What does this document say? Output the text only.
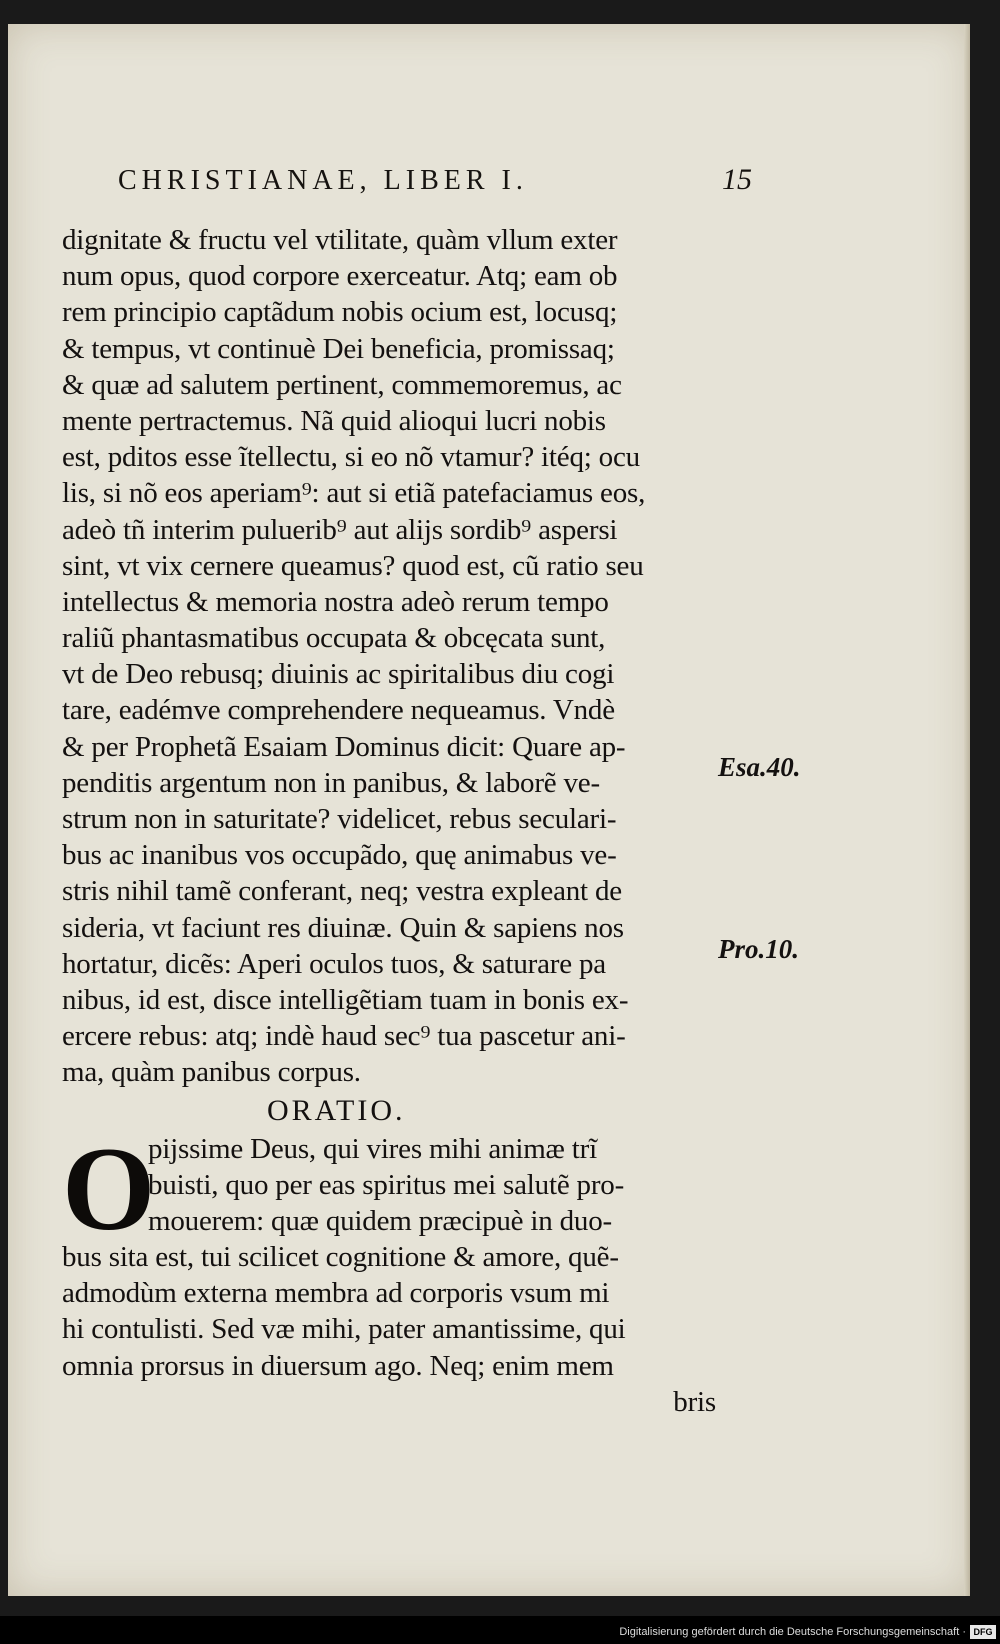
CHRISTIANAE, LIBER I.	15
dignitate & fructu vel vtilitate, quàm vllum exter
num opus, quod corpore exerceatur. Atq; eam ob
rem principio captãdum nobis ocium est, locusq;
& tempus, vt continuè Dei beneficia, promissaq;
& quæ ad salutem pertinent, commemoremus, ac
mente pertractemus. Nã quid alioqui lucri nobis
est, pditos esse ĩtellectu, si eo nõ vtamur? itéq; ocu
lis, si nõ eos aperiam⁹: aut si etiã patefaciamus eos,
adeò tñ interim puluerib⁹ aut alijs sordib⁹ aspersi
sint, vt vix cernere queamus? quod est, cũ ratio seu
intellectus & memoria nostra adeò rerum tempo
raliũ phantasmatibus occupata & obcęcata sunt,
vt de Deo rebusq; diuinis ac spiritalibus diu cogi
tare, eadémve comprehendere nequeamus. Vndè
& per Prophetã Esaiam Dominus dicit: Quare ap-
penditis argentum non in panibus, & laborẽ ve-
strum non in saturitate? videlicet, rebus seculari-
bus ac inanibus vos occupãdo, quę animabus ve-
stris nihil tamẽ conferant, neq; vestra expleant de
sideria, vt faciunt res diuinæ. Quin & sapiens nos
hortatur, dicẽs: Aperi oculos tuos, & saturare pa
nibus, id est, disce intelligẽtiam tuam in bonis ex-
ercere rebus: atq; indè haud sec⁹ tua pascetur ani-
ma, quàm panibus corpus.
ORATIO.
O
pijssime Deus, qui vires mihi animæ trĩ
buisti, quo per eas spiritus mei salutẽ pro-
mouerem: quæ quidem præcipuè in duo-
bus sita est, tui scilicet cognitione & amore, quẽ-
admodùm externa membra ad corporis vsum mi
hi contulisti. Sed væ mihi, pater amantissime, qui
omnia prorsus in diuersum ago. Neq; enim mem
bris
Esa.40.
Pro.10.
Digitalisierung gefördert durch die Deutsche Forschungsgemeinschaft · DFG
